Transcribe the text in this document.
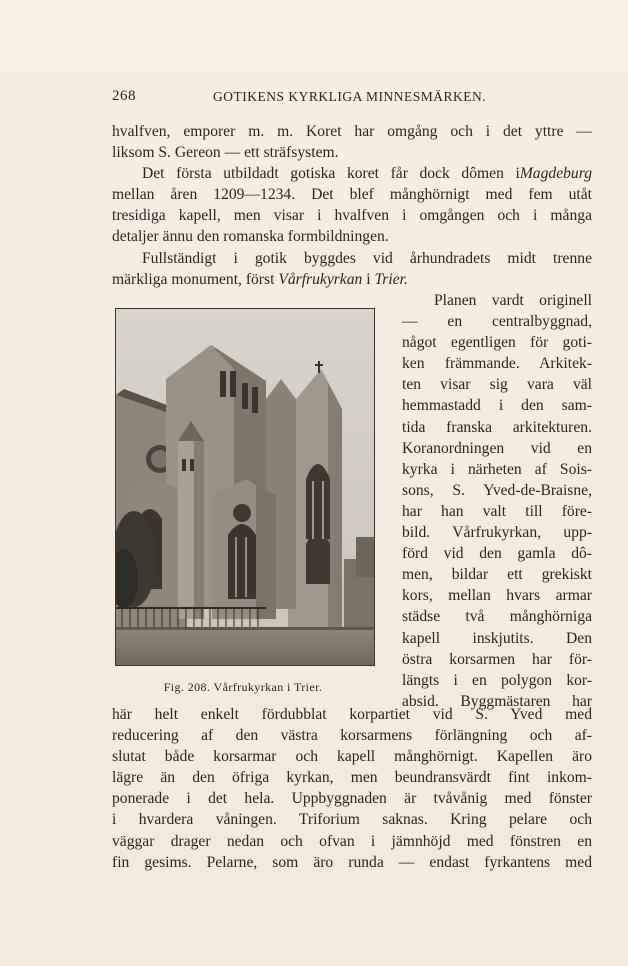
268	GOTIKENS KYRKLIGA MINNESMÄRKEN.
hvalfven, emporer m. m. Koret har omgång och i det yttre —
liksom S. Gereon — ett sträfsystem.
Det första utbildadt gotiska koret får dock dômen iMagdeburg
mellan åren 1209—1234. Det blef månghörnigt med fem utåt
tresidiga kapell, men visar i hvalfven i omgången och i många
detaljer ännu den romanska formbildningen.
Fullständigt i gotik byggdes vid århundradets midt trenne
märkliga monument, först Vårfrukyrkan i Trier.
Fig. 208. Vårfrukyrkan i Trier.
Planen vardt originell
— en centralbyggnad,
något egentligen för goti-
ken främmande. Arkitek-
ten visar sig vara väl
hemmastadd i den sam-
tida franska arkitekturen.
Koranordningen vid en
kyrka i närheten af Sois-
sons, S. Yved-de-Braisne,
har han valt till före-
bild. Vårfrukyrkan, upp-
förd vid den gamla dô-
men, bildar ett grekiskt
kors, mellan hvars armar
städse två månghörniga
kapell inskjutits. Den
östra korsarmen har för-
längts i en polygon kor-
absid. Byggmästaren har
här helt enkelt fördubblat korpartiet vid S. Yved med
reducering af den västra korsarmens förlängning och af-
slutat både korsarmar och kapell månghörnigt. Kapellen äro
lägre än den öfriga kyrkan, men beundransvärdt fint inkom-
ponerade i det hela. Uppbyggnaden är tvåvånig med fönster
i hvardera våningen. Triforium saknas. Kring pelare och
väggar drager nedan och ofvan i jämnhöjd med fönstren en
fin gesims. Pelarne, som äro runda — endast fyrkantens med
